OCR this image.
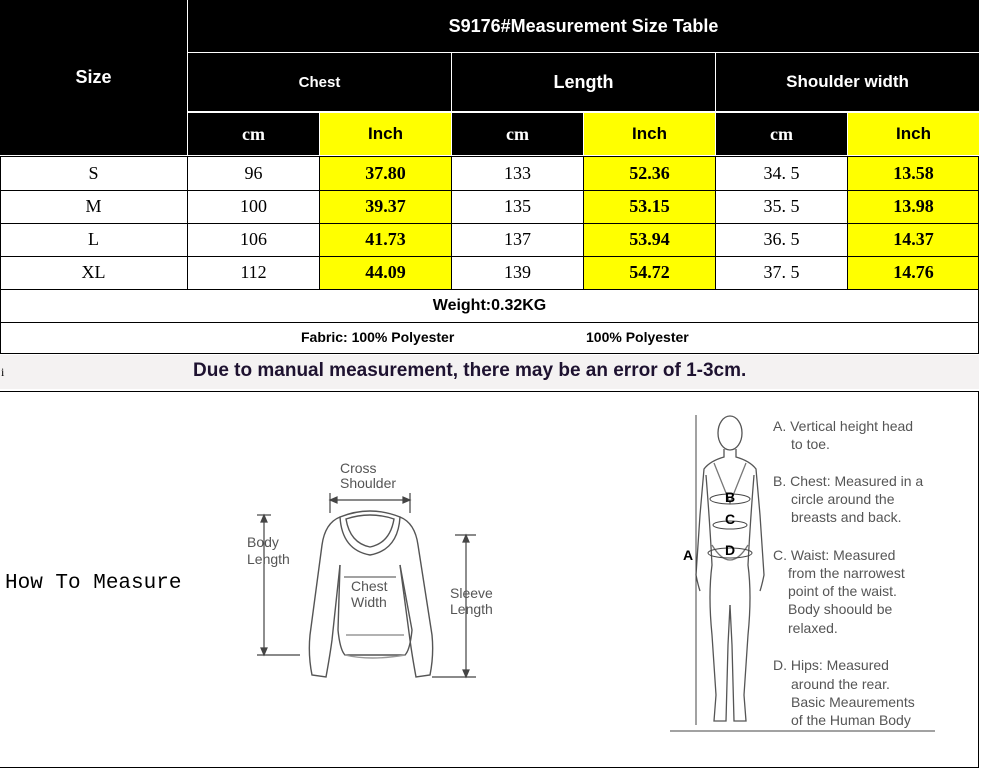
Size
S9176#Measurement Size Table
Chest	Length	Shoulder width
cm	Inch	cm	Inch	cm	Inch
S	96	37.80	133	52.36	34. 5	13.58
M	100	39.37	135	53.15	35. 5	13.98
L	106	41.73	137	53.94	36. 5	14.37
XL	112	44.09	139	54.72	37. 5	14.76
Weight:0.32KG
Fabric: 100% Polyester	100% Polyester
i	Due to manual measurement, there may be an error of 1-3cm.
How To Measure
Cross
Shoulder
Body
Length
Chest
Width
Sleeve
Length
A
B
C
D
A. Vertical height head
to toe.
B. Chest: Measured in a
circle around the
breasts and back.
C. Waist: Measured
from the narrowest
point of the waist.
Body shoould be
relaxed.
D. Hips: Measured
around the rear.
Basic Meaurements
of the Human Body
